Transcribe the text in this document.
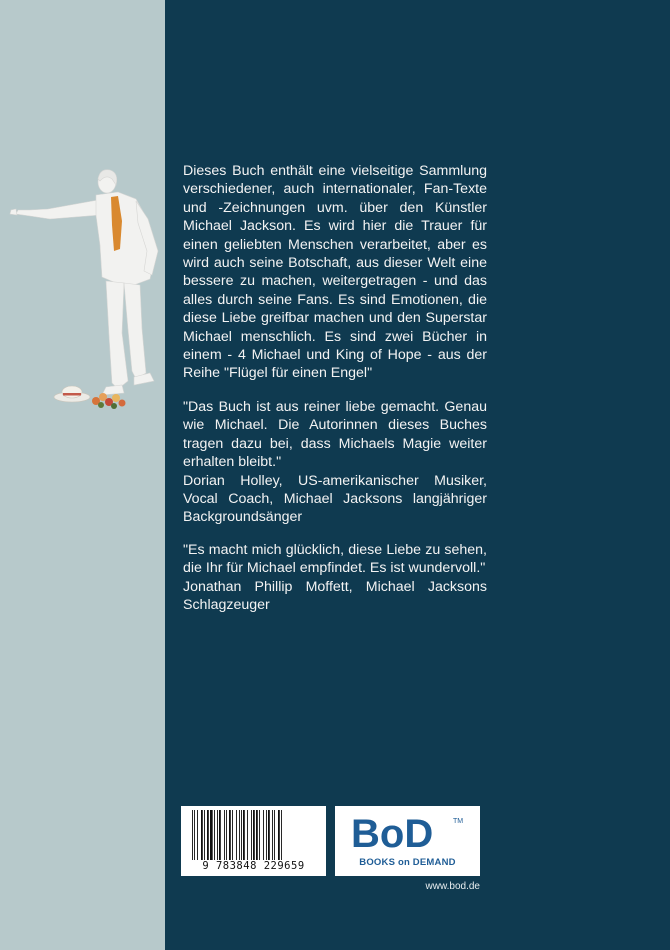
Dieses Buch enthält eine vielseitige Sammlung verschiedener, auch internationaler, Fan-Texte und -Zeichnungen uvm. über den Künstler Michael Jackson. Es wird hier die Trauer für einen geliebten Menschen verarbeitet, aber es wird auch seine Botschaft, aus dieser Welt eine bessere zu machen, weitergetragen - und das alles durch seine Fans. Es sind Emotionen, die diese Liebe greifbar machen und den Superstar Michael menschlich. Es sind zwei Bücher in einem - 4 Michael und King of Hope - aus der Reihe "Flügel für einen Engel"

"Das Buch ist aus reiner liebe gemacht. Genau wie Michael. Die Autorinnen dieses Buches tragen dazu bei, dass Michaels Magie weiter erhalten bleibt."

Dorian Holley, US-amerikanischer Musiker, Vocal Coach, Michael Jacksons langjähriger Backgroundsänger

"Es macht mich glücklich, diese Liebe zu sehen, die Ihr für Michael empfindet. Es ist wundervoll."

Jonathan Phillip Moffett, Michael Jacksons Schlagzeuger

9 783848 229659
BoD	TM
BOOKS on DEMAND
www.bod.de
